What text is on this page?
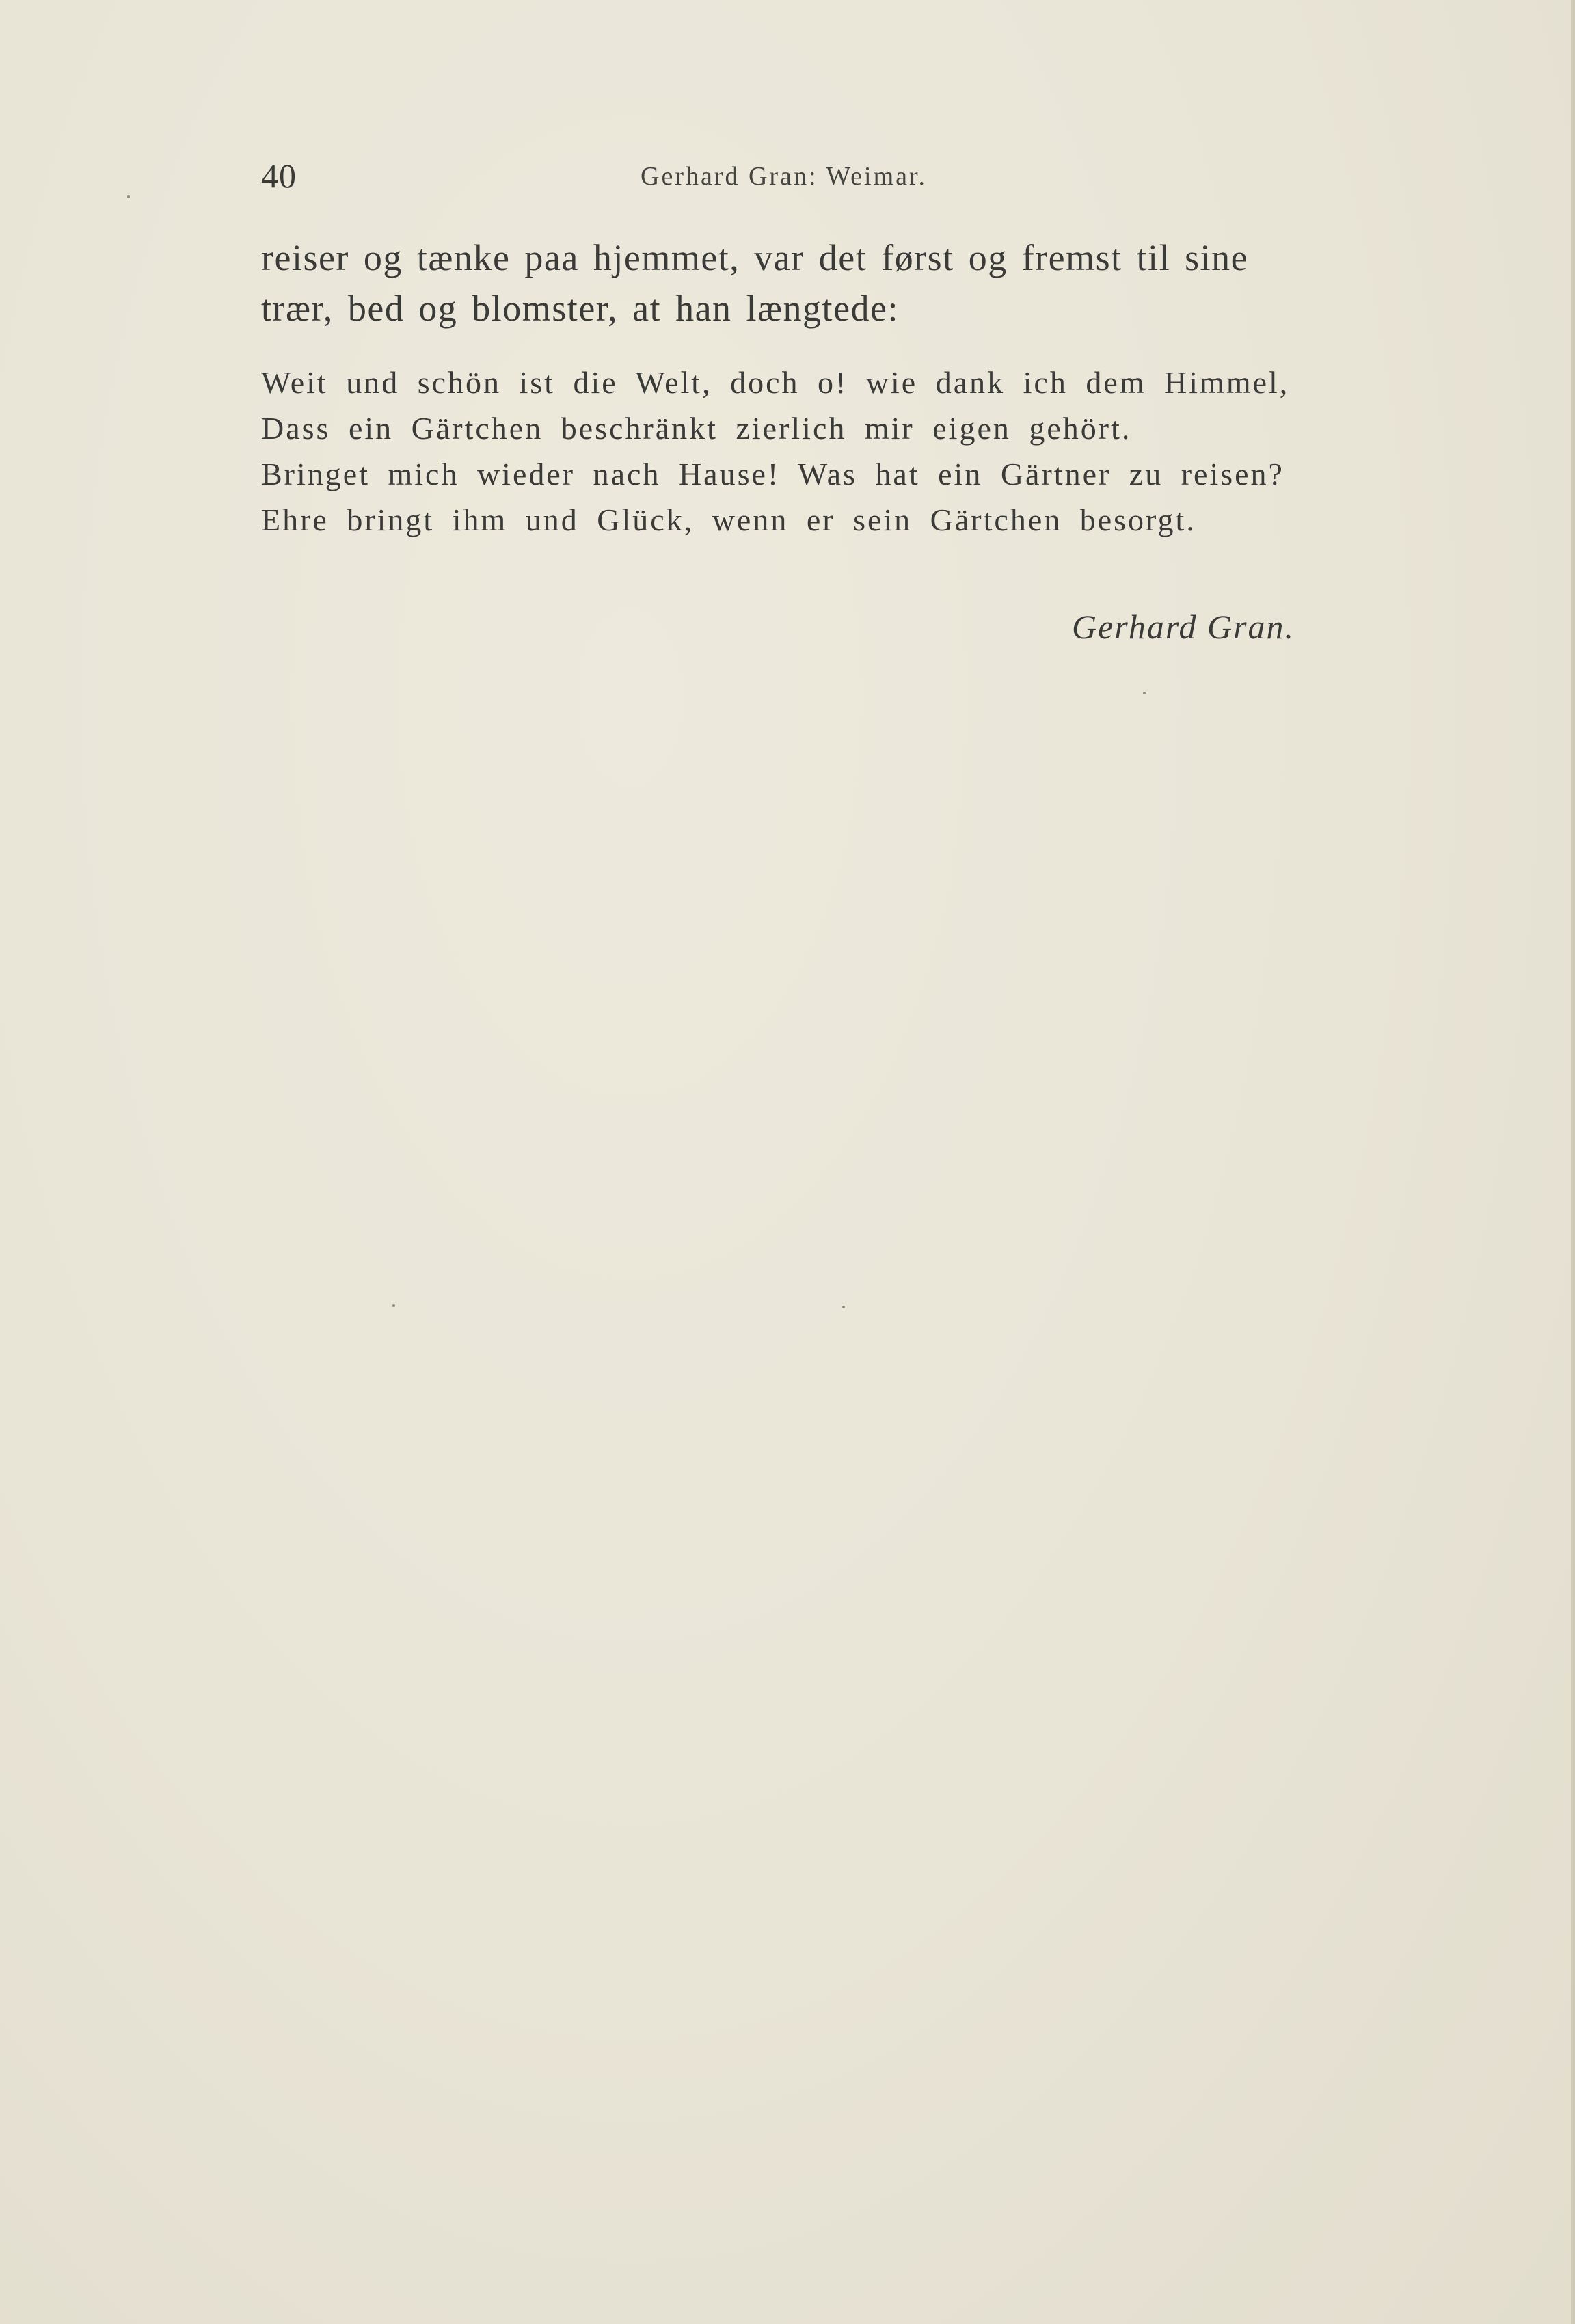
40	Gerhard Gran: Weimar.
reiser og tænke paa hjemmet, var det først og fremst til sine
trær, bed og blomster, at han længtede:
Weit und schön ist die Welt, doch o! wie dank ich dem Himmel,
Dass ein Gärtchen beschränkt zierlich mir eigen gehört.
Bringet mich wieder nach Hause! Was hat ein Gärtner zu reisen?
Ehre bringt ihm und Glück, wenn er sein Gärtchen besorgt.
Gerhard Gran.
